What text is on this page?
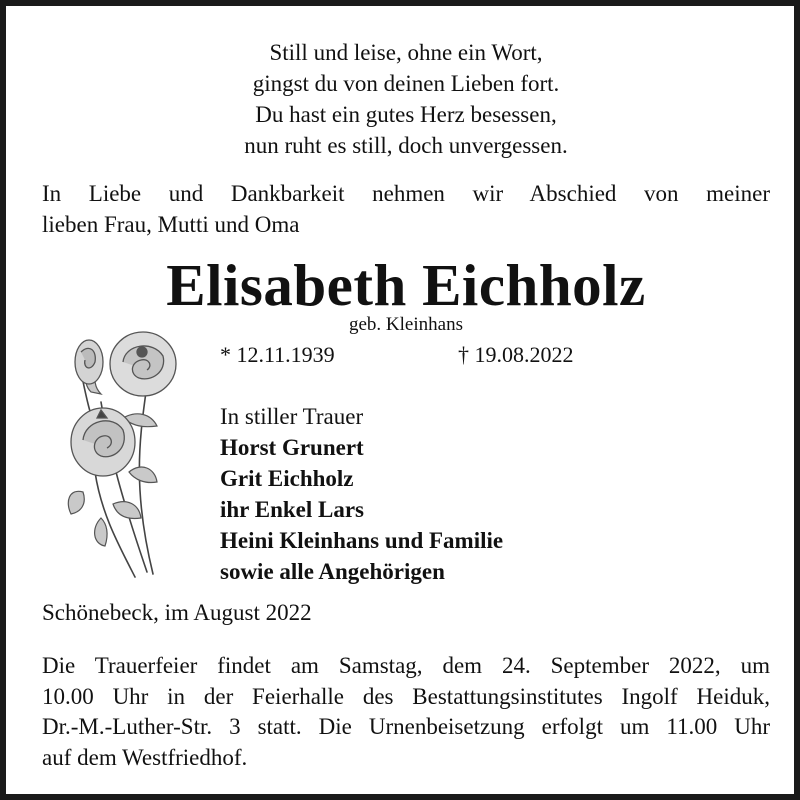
Still und leise, ohne ein Wort,
gingst du von deinen Lieben fort.
Du hast ein gutes Herz besessen,
nun ruht es still, doch unvergessen.
In Liebe und Dankbarkeit nehmen wir Abschied von meiner
lieben Frau, Mutti und Oma
Elisabeth Eichholz
geb. Kleinhans
* 12.11.1939	† 19.08.2022
In stiller Trauer
Horst Grunert
Grit Eichholz
ihr Enkel Lars
Heini Kleinhans und Familie
sowie alle Angehörigen
Schönebeck, im August 2022
Die Trauerfeier findet am Samstag, dem 24. September 2022, um
10.00 Uhr in der Feierhalle des Bestattungsinstitutes Ingolf Heiduk,
Dr.-M.-Luther-Str. 3 statt. Die Urnenbeisetzung erfolgt um 11.00 Uhr
auf dem Westfriedhof.
